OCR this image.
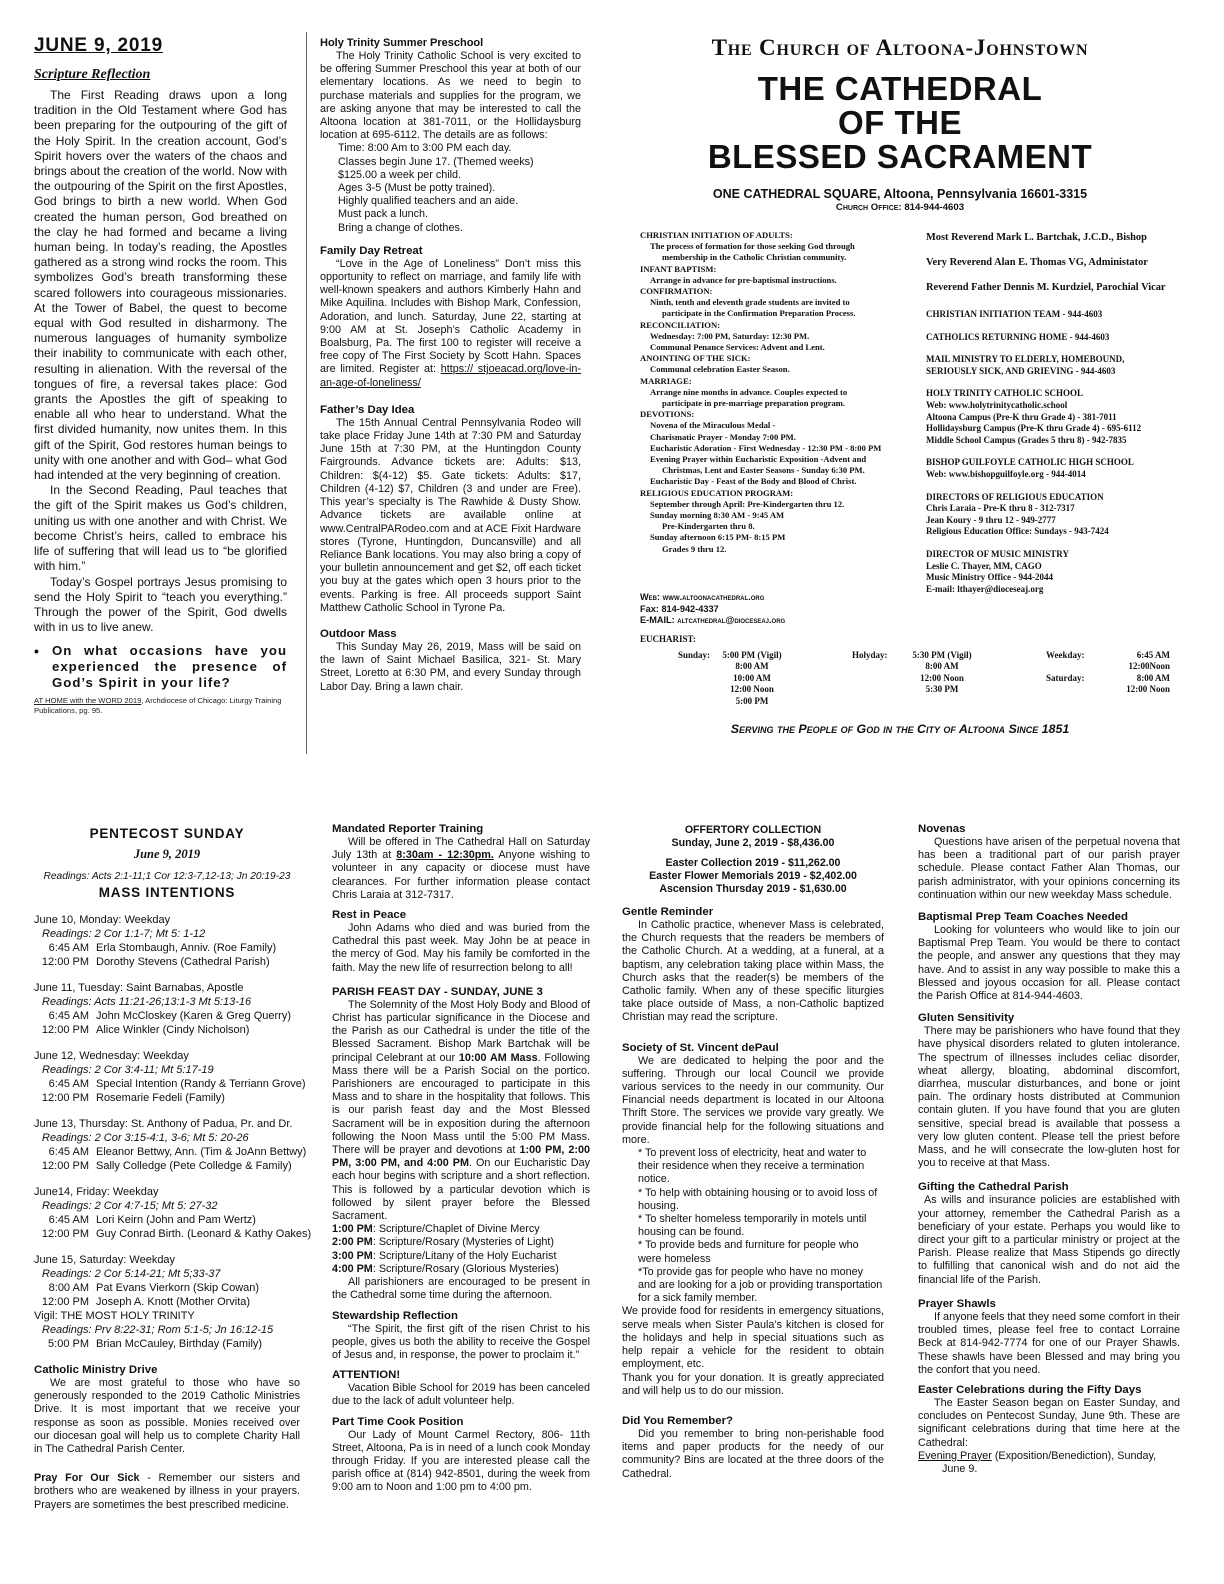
JUNE 9, 2019
Scripture Reflection

The First Reading draws upon a long tradition in the Old Testament where God has been preparing for the outpouring of the gift of the Holy Spirit. In the creation account, God’s Spirit hovers over the waters of the chaos and brings about the creation of the world. Now with the outpouring of the Spirit on the first Apostles, God brings to birth a new world. When God created the human person, God breathed on the clay he had formed and became a living human being. In today’s reading, the Apostles gathered as a strong wind rocks the room. This symbolizes God’s breath transforming these scared followers into courageous missionaries. At the Tower of Babel, the quest to become equal with God resulted in disharmony. The numerous languages of humanity symbolize their inability to communicate with each other, resulting in alienation. With the reversal of the tongues of fire, a reversal takes place: God grants the Apostles the gift of speaking to enable all who hear to understand. What the first divided humanity, now unites them. In this gift of the Spirit, God restores human beings to unity with one another and with God– what God had intended at the very beginning of creation.

In the Second Reading, Paul teaches that the gift of the Spirit makes us God’s children, uniting us with one another and with Christ. We become Christ’s heirs, called to embrace his life of suffering that will lead us to “be glorified with him.”

Today’s Gospel portrays Jesus promising to send the Holy Spirit to “teach you everything.” Through the power of the Spirit, God dwells with in us to live anew.

• On what occasions have you experienced the presence of God’s Spirit in your life?
AT HOME with the WORD 2019, Archdiocese of Chicago: Liturgy Training Publications, pg. 95.

Holy Trinity Summer Preschool

The Holy Trinity Catholic School is very excited to be offering Summer Preschool this year at both of our elementary locations. As we need to begin to purchase materials and supplies for the program, we are asking anyone that may be interested to call the Altoona location at 381-7011, or the Hollidaysburg location at 695-6112. The details are as follows:

Time: 8:00 Am to 3:00 PM each day.

Classes begin June 17. (Themed weeks)

$125.00 a week per child.

Ages 3-5 (Must be potty trained).

Highly qualified teachers and an aide.

Must pack a lunch.

Bring a change of clothes.

Family Day Retreat

“Love in the Age of Loneliness” Don’t miss this opportunity to reflect on marriage, and family life with well-known speakers and authors Kimberly Hahn and Mike Aquilina. Includes with Bishop Mark, Confession, Adoration, and lunch. Saturday, June 22, starting at 9:00 AM at St. Joseph’s Catholic Academy in Boalsburg, Pa. The first 100 to register will receive a free copy of The First Society by Scott Hahn. Spaces are limited. Register at: https:// stjoeacad.org/love-in-an-age-of-loneliness/

Father’s Day Idea

The 15th Annual Central Pennsylvania Rodeo will take place Friday June 14th at 7:30 PM and Saturday June 15th at 7:30 PM, at the Huntingdon County Fairgrounds. Advance tickets are: Adults: $13, Children: $(4-12) $5. Gate tickets: Adults: $17, Children (4-12) $7, Children (3 and under are Free). This year’s specialty is The Rawhide & Dusty Show. Advance tickets are available online at www.CentralPARodeo.com and at ACE Fixit Hardware stores (Tyrone, Huntingdon, Duncansville) and all Reliance Bank locations. You may also bring a copy of your bulletin announcement and get $2, off each ticket you buy at the gates which open 3 hours prior to the events. Parking is free. All proceeds support Saint Matthew Catholic School in Tyrone Pa.

Outdoor Mass

This Sunday May 26, 2019, Mass will be said on the lawn of Saint Michael Basilica, 321- St. Mary Street, Loretto at 6:30 PM, and every Sunday through Labor Day. Bring a lawn chair.

The Church of Altoona-Johnstown
THE CATHEDRAL
OF THE
BLESSED SACRAMENT
ONE CATHEDRAL SQUARE, Altoona, Pennsylvania 16601-3315
Church Office: 814-944-4603

CHRISTIAN INITIATION OF ADULTS:

The process of formation for those seeking God through

membership in the Catholic Christian community.

INFANT BAPTISM:

Arrange in advance for pre-baptismal instructions.

CONFIRMATION:

Ninth, tenth and eleventh grade students are invited to

participate in the Confirmation Preparation Process.

RECONCILIATION:

Wednesday: 7:00 PM, Saturday: 12:30 PM.

Communal Penance Services: Advent and Lent.

ANOINTING OF THE SICK:

Communal celebration Easter Season.

MARRIAGE:

Arrange nine months in advance. Couples expected to

participate in pre-marriage preparation program.

DEVOTIONS:

Novena of the Miraculous Medal -

Charismatic Prayer - Monday 7:00 PM.

Eucharistic Adoration - First Wednesday - 12:30 PM - 8:00 PM

Evening Prayer within Eucharistic Exposition -Advent and

Christmas, Lent and Easter Seasons - Sunday 6:30 PM.

Eucharistic Day - Feast of the Body and Blood of Christ.

RELIGIOUS EDUCATION PROGRAM:

September through April: Pre-Kindergarten thru 12.

Sunday morning 8:30 AM - 9:45 AM

Pre-Kindergarten thru 8.

Sunday afternoon 6:15 PM- 8:15 PM

Grades 9 thru 12.

Web: www.altoonacathedral.org
Fax: 814-942-4337
E-MAIL: altcathedral@dioceseaj.org

Most Reverend Mark L. Bartchak, J.C.D., Bishop

Very Reverend Alan E. Thomas VG, Administator

Reverend Father Dennis M. Kurdziel, Parochial Vicar

CHRISTIAN INITIATION TEAM - 944-4603

CATHOLICS RETURNING HOME - 944-4603

MAIL MINISTRY TO ELDERLY, HOMEBOUND,

SERIOUSLY SICK, AND GRIEVING - 944-4603

HOLY TRINITY CATHOLIC SCHOOL

Web: www.holytrinitycatholic.school

Altoona Campus (Pre-K thru Grade 4) - 381-7011

Hollidaysburg Campus (Pre-K thru Grade 4) - 695-6112

Middle School Campus (Grades 5 thru 8) - 942-7835

BISHOP GUILFOYLE CATHOLIC HIGH SCHOOL

Web: www.bishopguilfoyle.org - 944-4014

DIRECTORS OF RELIGIOUS EDUCATION

Chris Laraia - Pre-K thru 8 - 312-7317

Jean Koury - 9 thru 12 - 949-2777

Religious Education Office: Sundays - 943-7424

DIRECTOR OF MUSIC MINISTRY

Leslie C. Thayer, MM, CAGO

Music Ministry Office - 944-2044

E-mail: lthayer@dioceseaj.org

EUCHARIST:
Sunday:	5:00 PM (Vigil)
8:00 AM
10:00 AM
12:00 Noon
5:00 PM
Holyday:	5:30 PM (Vigil)
8:00 AM
12:00 Noon
5:30 PM
Weekday:	6:45 AM
12:00Noon
Saturday:	8:00 AM
12:00 Noon
Serving the People of God in the City of Altoona Since 1851
PENTECOST SUNDAY
June 9, 2019
Readings: Acts 2:1-11;1 Cor 12:3-7,12-13; Jn 20:19-23
MASS INTENTIONS
June 10, Monday: Weekday
Readings: 2 Cor 1:1-7; Mt 5: 1-12
6:45 AM Erla Stombaugh, Anniv. (Roe Family)
12:00 PM Dorothy Stevens (Cathedral Parish)
June 11, Tuesday: Saint Barnabas, Apostle
Readings: Acts 11:21-26;13:1-3 Mt 5:13-16
6:45 AM John McCloskey (Karen & Greg Querry)
12:00 PM Alice Winkler (Cindy Nicholson)
June 12, Wednesday: Weekday
Readings: 2 Cor 3:4-11; Mt 5:17-19
6:45 AM Special Intention (Randy & Terriann Grove)
12:00 PM Rosemarie Fedeli (Family)
June 13, Thursday: St. Anthony of Padua, Pr. and Dr.
Readings: 2 Cor 3:15-4:1, 3-6; Mt 5: 20-26
6:45 AM Eleanor Bettwy, Ann. (Tim & JoAnn Bettwy)
12:00 PM Sally Colledge (Pete Colledge & Family)
June14, Friday: Weekday
Readings: 2 Cor 4:7-15; Mt 5: 27-32
6:45 AM Lori Keirn (John and Pam Wertz)
12:00 PM Guy Conrad Birth. (Leonard & Kathy Oakes)
June 15, Saturday: Weekday
Readings: 2 Cor 5:14-21; Mt 5;33-37
8:00 AM Pat Evans Vierkorn (Skip Cowan)
12:00 PM Joseph A. Knott (Mother Orvita)
Vigil: THE MOST HOLY TRINITY
Readings: Prv 8:22-31; Rom 5:1-5; Jn 16:12-15
5:00 PM Brian McCauley, Birthday (Family)

Catholic Ministry Drive

We are most grateful to those who have so generously responded to the 2019 Catholic Ministries Drive. It is most important that we receive your response as soon as possible. Monies received over our diocesan goal will help us to complete Charity Hall in The Cathedral Parish Center.

Pray For Our Sick - Remember our sisters and brothers who are weakened by illness in your prayers. Prayers are sometimes the best prescribed medicine.

Mandated Reporter Training

Will be offered in The Cathedral Hall on Saturday July 13th at 8:30am - 12:30pm. Anyone wishing to volunteer in any capacity or diocese must have clearances. For further information please contact Chris Laraia at 312-7317.

Rest in Peace

John Adams who died and was buried from the Cathedral this past week. May John be at peace in the mercy of God. May his family be comforted in the faith. May the new life of resurrection belong to all!

PARISH FEAST DAY - SUNDAY, JUNE 3

The Solemnity of the Most Holy Body and Blood of Christ has particular significance in the Diocese and the Parish as our Cathedral is under the title of the Blessed Sacrament. Bishop Mark Bartchak will be principal Celebrant at our 10:00 AM Mass. Following Mass there will be a Parish Social on the portico. Parishioners are encouraged to participate in this Mass and to share in the hospitality that follows. This is our parish feast day and the Most Blessed Sacrament will be in exposition during the afternoon following the Noon Mass until the 5:00 PM Mass. There will be prayer and devotions at 1:00 PM, 2:00 PM, 3:00 PM, and 4:00 PM. On our Eucharistic Day each hour begins with scripture and a short reflection. This is followed by a particular devotion which is followed by silent prayer before the Blessed Sacrament.

1:00 PM: Scripture/Chaplet of Divine Mercy

2:00 PM: Scripture/Rosary (Mysteries of Light)

3:00 PM: Scripture/Litany of the Holy Eucharist

4:00 PM: Scripture/Rosary (Glorious Mysteries)

All parishioners are encouraged to be present in the Cathedral some time during the afternoon.

Stewardship Reflection

“The Spirit, the first gift of the risen Christ to his people, gives us both the ability to receive the Gospel of Jesus and, in response, the power to proclaim it.”

ATTENTION!

Vacation Bible School for 2019 has been canceled due to the lack of adult volunteer help.

Part Time Cook Position

Our Lady of Mount Carmel Rectory, 806- 11th Street, Altoona, Pa is in need of a lunch cook Monday through Friday. If you are interested please call the parish office at (814) 942-8501, during the week from 9:00 am to Noon and 1:00 pm to 4:00 pm.

OFFERTORY COLLECTION
Sunday, June 2, 2019 - $8,436.00
Easter Collection 2019 - $11,262.00
Easter Flower Memorials 2019 - $2,402.00
Ascension Thursday 2019 - $1,630.00

Gentle Reminder

In Catholic practice, whenever Mass is celebrated, the Church requests that the readers be members of the Catholic Church. At a wedding, at a funeral, at a baptism, any celebration taking place within Mass, the Church asks that the reader(s) be members of the Catholic family. When any of these specific liturgies take place outside of Mass, a non-Catholic baptized Christian may read the scripture.

Society of St. Vincent dePaul

We are dedicated to helping the poor and the suffering. Through our local Council we provide various services to the needy in our community. Our Financial needs department is located in our Altoona Thrift Store. The services we provide vary greatly. We provide financial help for the following situations and more.

* To prevent loss of electricity, heat and water to their residence when they receive a termination notice.

* To help with obtaining housing or to avoid loss of housing.

* To shelter homeless temporarily in motels until housing can be found.

* To provide beds and furniture for people who were homeless

*To provide gas for people who have no money and are looking for a job or providing transportation for a sick family member.

We provide food for residents in emergency situations, serve meals when Sister Paula’s kitchen is closed for the holidays and help in special situations such as help repair a vehicle for the resident to obtain employment, etc.

Thank you for your donation. It is greatly appreciated and will help us to do our mission.

Did You Remember?

Did you remember to bring non-perishable food items and paper products for the needy of our community? Bins are located at the three doors of the Cathedral.

Novenas

Questions have arisen of the perpetual novena that has been a traditional part of our parish prayer schedule. Please contact Father Alan Thomas, our parish administrator, with your opinions concerning its continuation within our new weekday Mass schedule.

Baptismal Prep Team Coaches Needed

Looking for volunteers who would like to join our Baptismal Prep Team. You would be there to contact the people, and answer any questions that they may have. And to assist in any way possible to make this a Blessed and joyous occasion for all. Please contact the Parish Office at 814-944-4603.

Gluten Sensitivity

There may be parishioners who have found that they have physical disorders related to gluten intolerance. The spectrum of illnesses includes celiac disorder, wheat allergy, bloating, abdominal discomfort, diarrhea, muscular disturbances, and bone or joint pain. The ordinary hosts distributed at Communion contain gluten. If you have found that you are gluten sensitive, special bread is available that possess a very low gluten content. Please tell the priest before Mass, and he will consecrate the low-gluten host for you to receive at that Mass.

Gifting the Cathedral Parish

As wills and insurance policies are established with your attorney, remember the Cathedral Parish as a beneficiary of your estate. Perhaps you would like to direct your gift to a particular ministry or project at the Parish. Please realize that Mass Stipends go directly to fulfilling that canonical wish and do not aid the financial life of the Parish.

Prayer Shawls

If anyone feels that they need some comfort in their troubled times, please feel free to contact Lorraine Beck at 814-942-7774 for one of our Prayer Shawls. These shawls have been Blessed and may bring you the confort that you need.

Easter Celebrations during the Fifty Days

The Easter Season began on Easter Sunday, and concludes on Pentecost Sunday, June 9th. These are significant celebrations during that time here at the Cathedral:

Evening Prayer (Exposition/Benediction), Sunday,

June 9.
